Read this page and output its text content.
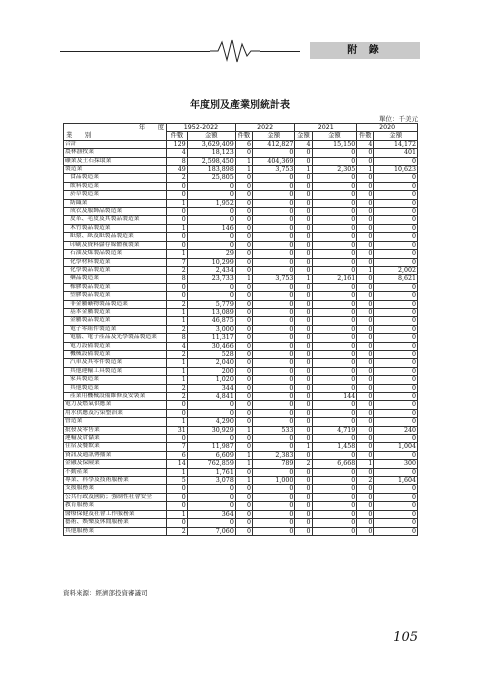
附 錄
年度別及產業別統計表
單位：千美元
年　　度
業　　別	1952-2022		2022		2021		2020	
	件數	金額	件數	金額	金額	金額	件數	金額
合計	129	3,629,409	6	412,827	4	15,150	4	14,172
農林漁牧業	4	18,123	0	0	0	0	0	401
礦業及土石採取業	8	2,598,450	1	404,369	0	0	0	0
製造業	49	183,898	1	3,753	1	2,305	1	10,623
食品製造業	2	25,805	0	0	0	0	0	0
飲料製造業	0	0	0	0	0	0	0	0
菸草製造業	0	0	0	0	0	0	0	0
紡織業	1	1,952	0	0	0	0	0	0
成衣及服飾品製造業	0	0	0	0	0	0	0	0
皮革、毛皮及其製品製造業	0	0	0	0	0	0	0	0
木竹製品製造業	1	146	0	0	0	0	0	0
紙漿、紙及紙製品製造業	0	0	0	0	0	0	0	0
印刷及資料儲存媒體複製業	0	0	0	0	0	0	0	0
石油及煤製品製造業	1	29	0	0	0	0	0	0
化學材料製造業	7	10,299	0	0	0	0	0	0
化學製品製造業	2	2,434	0	0	0	0	1	2,002
藥品製造業	8	23,733	1	3,753	1	2,161	0	8,621
橡膠製品製造業	0	0	0	0	0	0	0	0
塑膠製品製造業	0	0	0	0	0	0	0	0
非金屬礦物製品製造業	2	5,779	0	0	0	0	0	0
基本金屬製造業	1	13,089	0	0	0	0	0	0
金屬製品製造業	1	46,875	0	0	0	0	0	0
電子零組件製造業	2	3,000	0	0	0	0	0	0
電腦、電子產品及光學製品製造業	8	11,317	0	0	0	0	0	0
電力設備製造業	4	30,466	0	0	0	0	0	0
機械設備製造業	2	528	0	0	0	0	0	0
汽車及其零件製造業	1	2,040	0	0	0	0	0	0
其他運輸工具製造業	1	200	0	0	0	0	0	0
家具製造業	1	1,020	0	0	0	0	0	0
其他製造業	2	344	0	0	0	0	0	0
產業用機械設備維修及安裝業	2	4,841	0	0	0	144	0	0
電力及燃氣供應業	0	0	0	0	0	0	0	0
用水供應及污染整治業	0	0	0	0	0	0	0	0
營造業	1	4,290	0	0	0	0	0	0
批發及零售業	31	30,929	1	533	0	4,719	0	240
運輸及倉儲業	0	0	0	0	0	0	0	0
住宿及餐飲業	7	11,987	0	0	1	1,458	0	1,004
資訊及通訊傳播業	6	6,609	1	2,383	0	0	0	0
金融及保險業	14	762,859	1	789	2	6,668	1	300
不動產業	1	1,761	0	0	0	0	0	0
專業、科學及技術服務業	5	3,078	1	1,000	0	0	2	1,604
支援服務業	0	0	0	0	0	0	0	0
公共行政及國防；強制性社會安全	0	0	0	0	0	0	0	0
教育服務業	0	0	0	0	0	0	0	0
醫療保健及社會工作服務業	1	364	0	0	0	0	0	0
藝術、娛樂及休閒服務業	0	0	0	0	0	0	0	0
其他服務業	2	7,060	0	0	0	0	0	0
資料來源：經濟部投資審議司
105
